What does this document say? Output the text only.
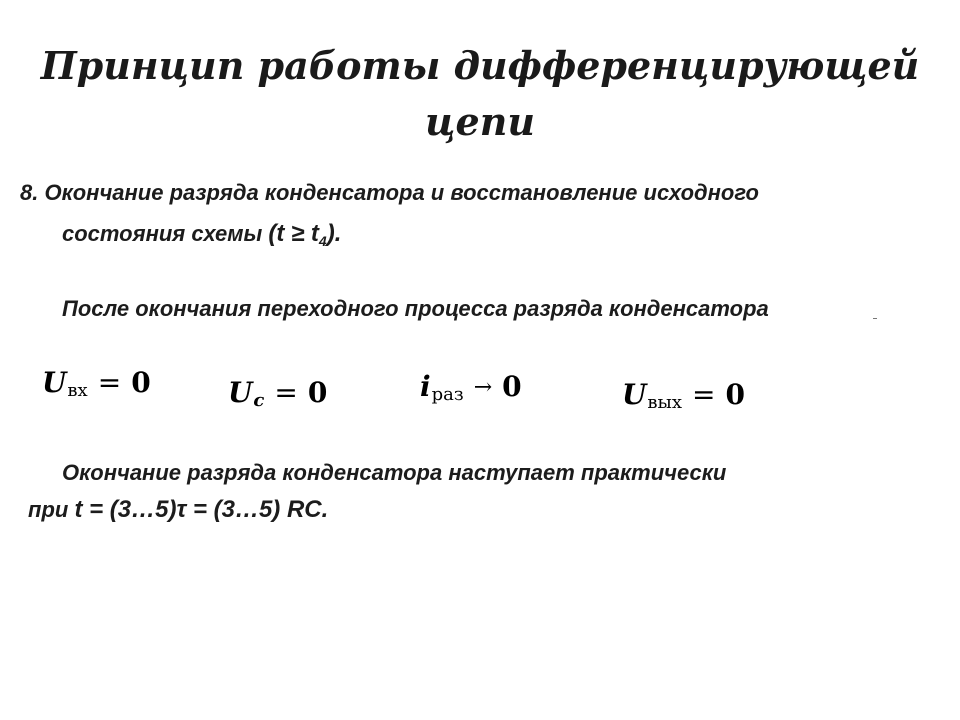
Принцип работы дифференцирующей
цепи
8. Окончание разряда конденсатора и восстановление исходного
состояния схемы $(t \ge t_4)$.
После окончания переходного процесса разряда конденсатора
Uвх = 0	Uc = 0	iраз → 0	Uвых = 0
Окончание разряда конденсатора наступает практически
при t = (3…5)τ = (3…5) RC.
